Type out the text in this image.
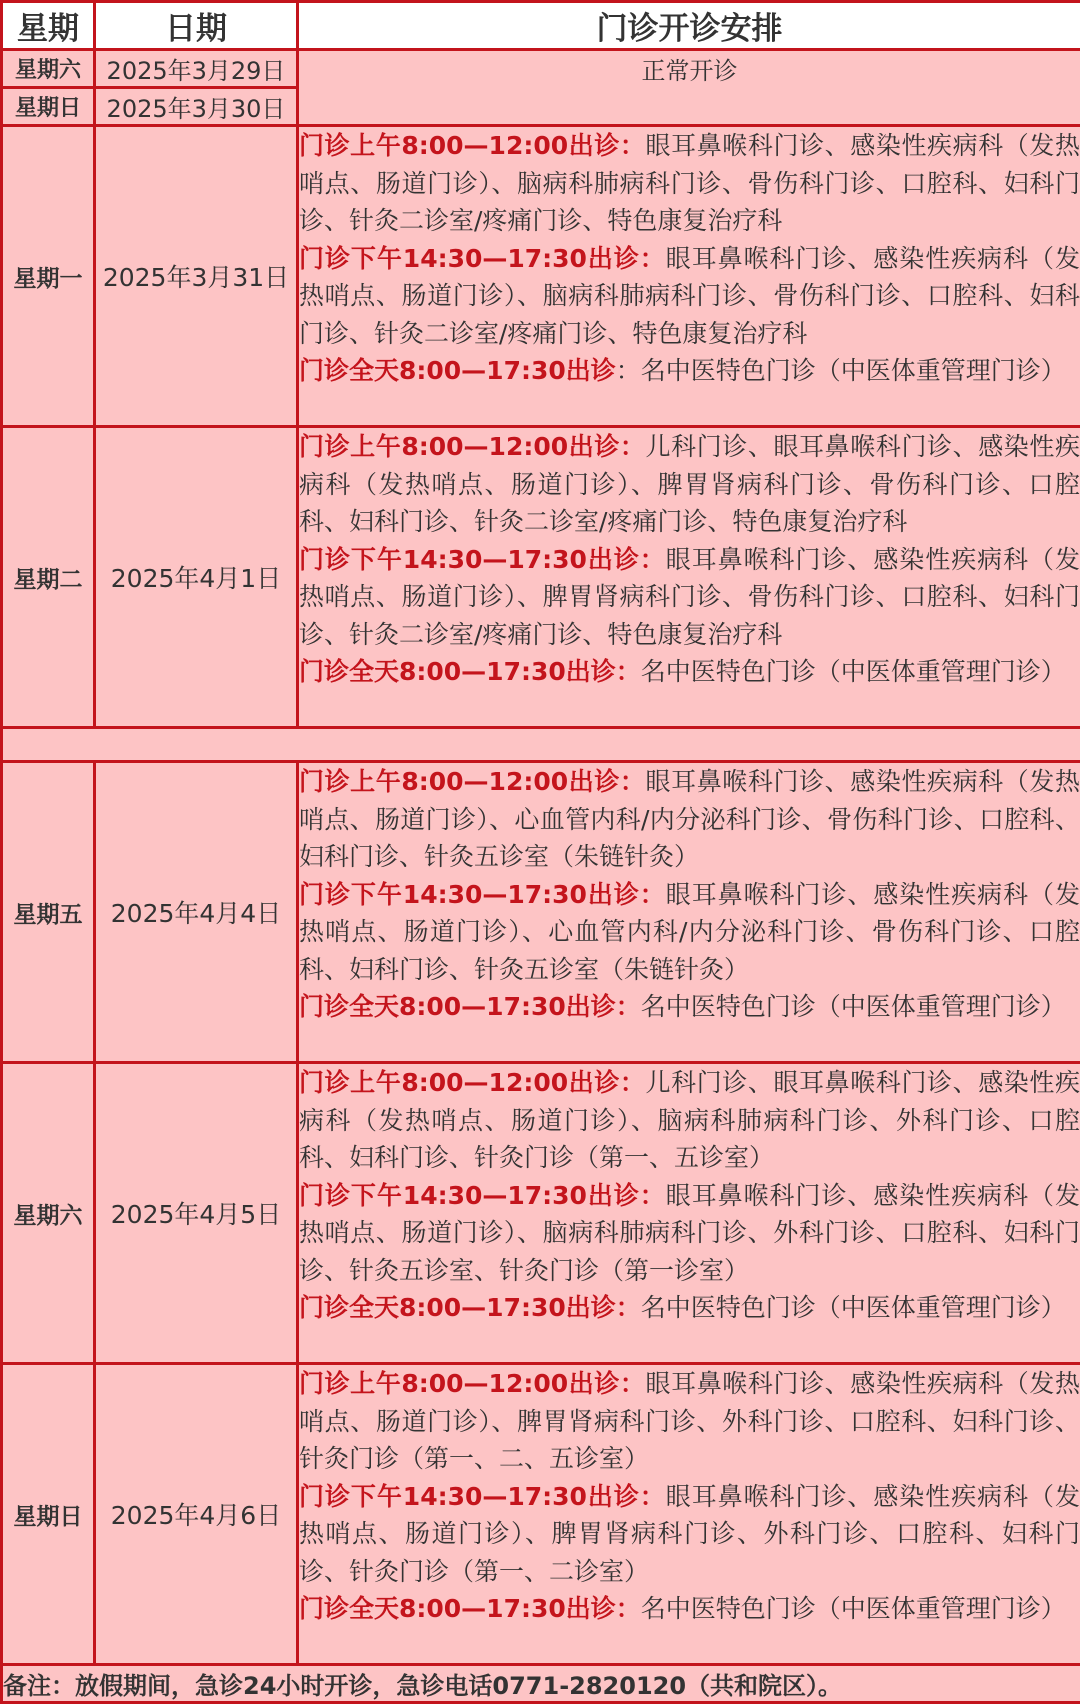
星期	日期	门诊开诊安排
星期六	2025年3月29日	正常开诊
星期日	2025年3月30日	
星期一	2025年3月31日	门诊上午8:00—12:00出诊：眼耳鼻喉科门诊、感染性疾病科（发热哨点、肠道门诊）、脑病科肺病科门诊、骨伤科门诊、口腔科、妇科门诊、针灸二诊室/疼痛门诊、特色康复治疗科
门诊下午14:30—17:30出诊：眼耳鼻喉科门诊、感染性疾病科（发热哨点、肠道门诊）、脑病科肺病科门诊、骨伤科门诊、口腔科、妇科门诊、针灸二诊室/疼痛门诊、特色康复治疗科
门诊全天8:00—17:30出诊：名中医特色门诊（中医体重管理门诊）

星期二	2025年4月1日	门诊上午8:00—12:00出诊：儿科门诊、眼耳鼻喉科门诊、感染性疾病科（发热哨点、肠道门诊）、脾胃肾病科门诊、骨伤科门诊、口腔科、妇科门诊、针灸二诊室/疼痛门诊、特色康复治疗科
门诊下午14:30—17:30出诊：眼耳鼻喉科门诊、感染性疾病科（发热哨点、肠道门诊）、脾胃肾病科门诊、骨伤科门诊、口腔科、妇科门诊、针灸二诊室/疼痛门诊、特色康复治疗科
门诊全天8:00—17:30出诊：名中医特色门诊（中医体重管理门诊）

星期五	2025年4月4日	门诊上午8:00—12:00出诊：眼耳鼻喉科门诊、感染性疾病科（发热哨点、肠道门诊）、心血管内科/内分泌科门诊、骨伤科门诊、口腔科、妇科门诊、针灸五诊室（朱链针灸）
门诊下午14:30—17:30出诊：眼耳鼻喉科门诊、感染性疾病科（发热哨点、肠道门诊）、心血管内科/内分泌科门诊、骨伤科门诊、口腔科、妇科门诊、针灸五诊室（朱链针灸）
门诊全天8:00—17:30出诊：名中医特色门诊（中医体重管理门诊）

星期六	2025年4月5日	门诊上午8:00—12:00出诊：儿科门诊、眼耳鼻喉科门诊、感染性疾病科（发热哨点、肠道门诊）、脑病科肺病科门诊、外科门诊、口腔科、妇科门诊、针灸门诊（第一、五诊室）
门诊下午14:30—17:30出诊：眼耳鼻喉科门诊、感染性疾病科（发热哨点、肠道门诊）、脑病科肺病科门诊、外科门诊、口腔科、妇科门诊、针灸五诊室、针灸门诊（第一诊室）
门诊全天8:00—17:30出诊：名中医特色门诊（中医体重管理门诊）

星期日	2025年4月6日	门诊上午8:00—12:00出诊：眼耳鼻喉科门诊、感染性疾病科（发热哨点、肠道门诊）、脾胃肾病科门诊、外科门诊、口腔科、妇科门诊、针灸门诊（第一、二、五诊室）
门诊下午14:30—17:30出诊：眼耳鼻喉科门诊、感染性疾病科（发热哨点、肠道门诊）、脾胃肾病科门诊、外科门诊、口腔科、妇科门诊、针灸门诊（第一、二诊室）
门诊全天8:00—17:30出诊：名中医特色门诊（中医体重管理门诊）

备注：放假期间，急诊24小时开诊，急诊电话0771-2820120（共和院区）。		
